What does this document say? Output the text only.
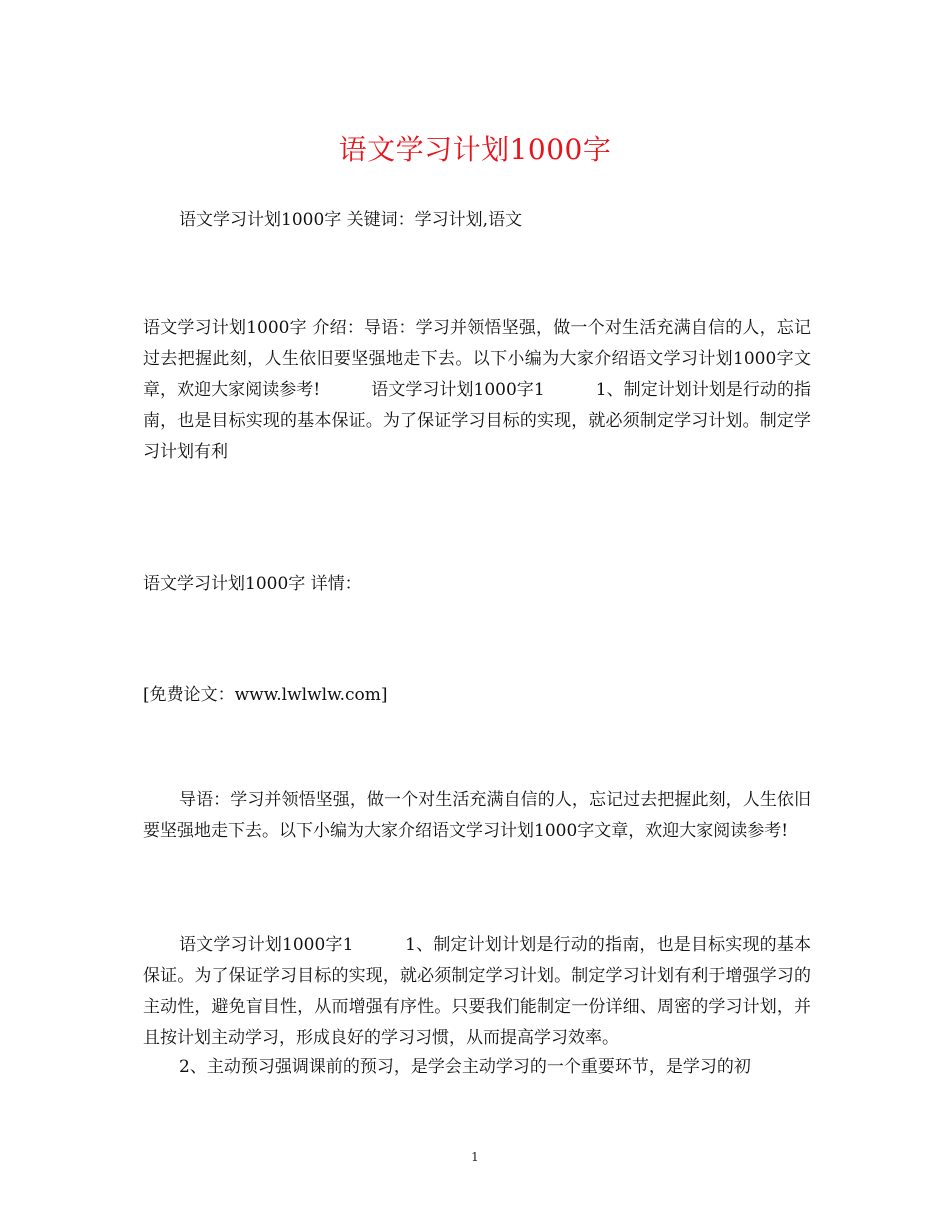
语文学习计划1000字
语文学习计划1000字 关键词：学习计划,语文
语文学习计划1000字 介绍：导语：学习并领悟坚强，做一个对生活充满自信的人，忘记过去把握此刻，人生依旧要坚强地走下去。以下小编为大家介绍语文学习计划1000字文章，欢迎大家阅读参考!　　　语文学习计划1000字1　　　1、制定计划计划是行动的指南，也是目标实现的基本保证。为了保证学习目标的实现，就必须制定学习计划。制定学习计划有利
语文学习计划1000字 详情：
[免费论文：www.lwlwlw.com]
导语：学习并领悟坚强，做一个对生活充满自信的人，忘记过去把握此刻，人生依旧要坚强地走下去。以下小编为大家介绍语文学习计划1000字文章，欢迎大家阅读参考!
语文学习计划1000字1　　　1、制定计划计划是行动的指南，也是目标实现的基本保证。为了保证学习目标的实现，就必须制定学习计划。制定学习计划有利于增强学习的主动性，避免盲目性，从而增强有序性。只要我们能制定一份详细、周密的学习计划，并且按计划主动学习，形成良好的学习习惯，从而提高学习效率。
2、主动预习强调课前的预习，是学会主动学习的一个重要环节，是学习的初
1
